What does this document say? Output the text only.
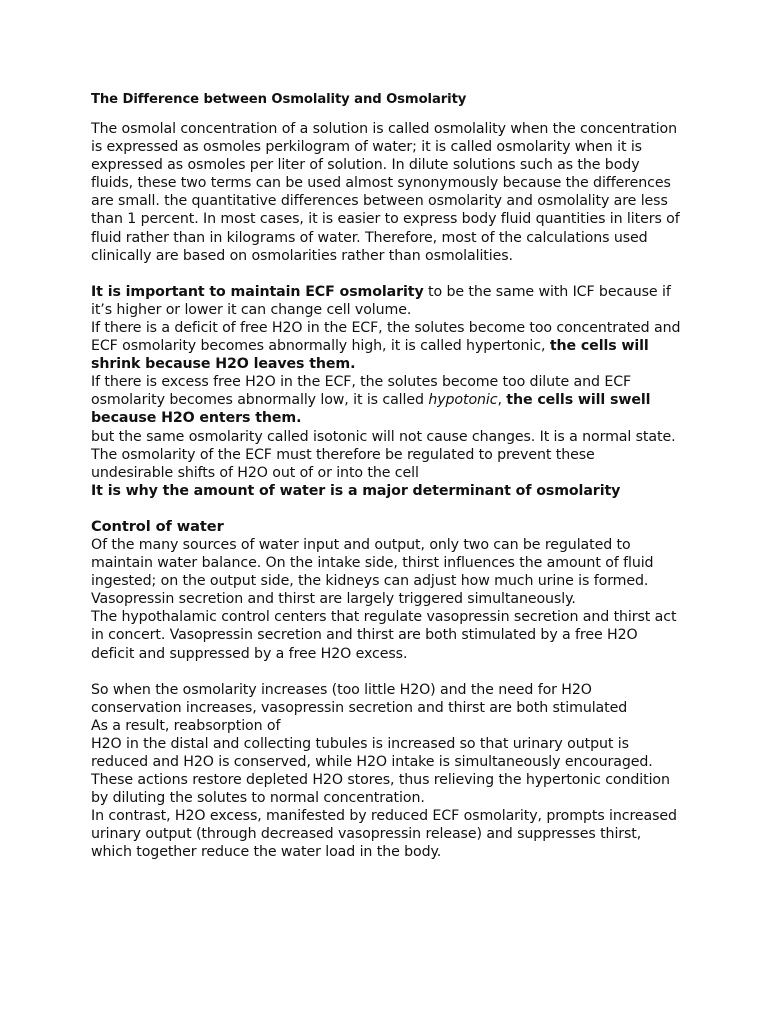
The Difference between Osmolality and Osmolarity

The osmolal concentration of a solution is called osmolality when the concentration is expressed as osmoles perkilogram of water; it is called osmolarity when it is expressed as osmoles per liter of solution. In dilute solutions such as the body fluids, these two terms can be used almost synonymously because the differences are small. the quantitative differences between osmolarity and osmolality are less than 1 percent. In most cases, it is easier to express body fluid quantities in liters of fluid rather than in kilograms of water. Therefore, most of the calculations used clinically are based on osmolarities rather than osmolalities.

It is important to maintain ECF osmolarity to be the same with ICF because if it’s higher or lower it can change cell volume.

If there is a deficit of free H2O in the ECF, the solutes become too concentrated and ECF osmolarity becomes abnormally high, it is called hypertonic, the cells will shrink because H2O leaves them.

If there is excess free H2O in the ECF, the solutes become too dilute and ECF osmolarity becomes abnormally low, it is called hypotonic, the cells will swell because H2O enters them.

but the same osmolarity called isotonic will not cause changes. It is a normal state.

The osmolarity of the ECF must therefore be regulated to prevent these undesirable shifts of H2O out of or into the cell

It is why the amount of water is a major determinant of osmolarity

Control of water

Of the many sources of water input and output, only two can be regulated to maintain water balance. On the intake side, thirst influences the amount of fluid ingested; on the output side, the kidneys can adjust how much urine is formed.

Vasopressin secretion and thirst are largely triggered simultaneously.

The hypothalamic control centers that regulate vasopressin secretion and thirst act in concert. Vasopressin secretion and thirst are both stimulated by a free H2O deficit and suppressed by a free H2O excess.

So when the osmolarity increases (too little H2O) and the need for H2O conservation increases, vasopressin secretion and thirst are both stimulated

As a result, reabsorption of

H2O in the distal and collecting tubules is increased so that urinary output is reduced and H2O is conserved, while H2O intake is simultaneously encouraged. These actions restore depleted H2O stores, thus relieving the hypertonic condition by diluting the solutes to normal concentration.

In contrast, H2O excess, manifested by reduced ECF osmolarity, prompts increased urinary output (through decreased vasopressin release) and suppresses thirst, which together reduce the water load in the body.
